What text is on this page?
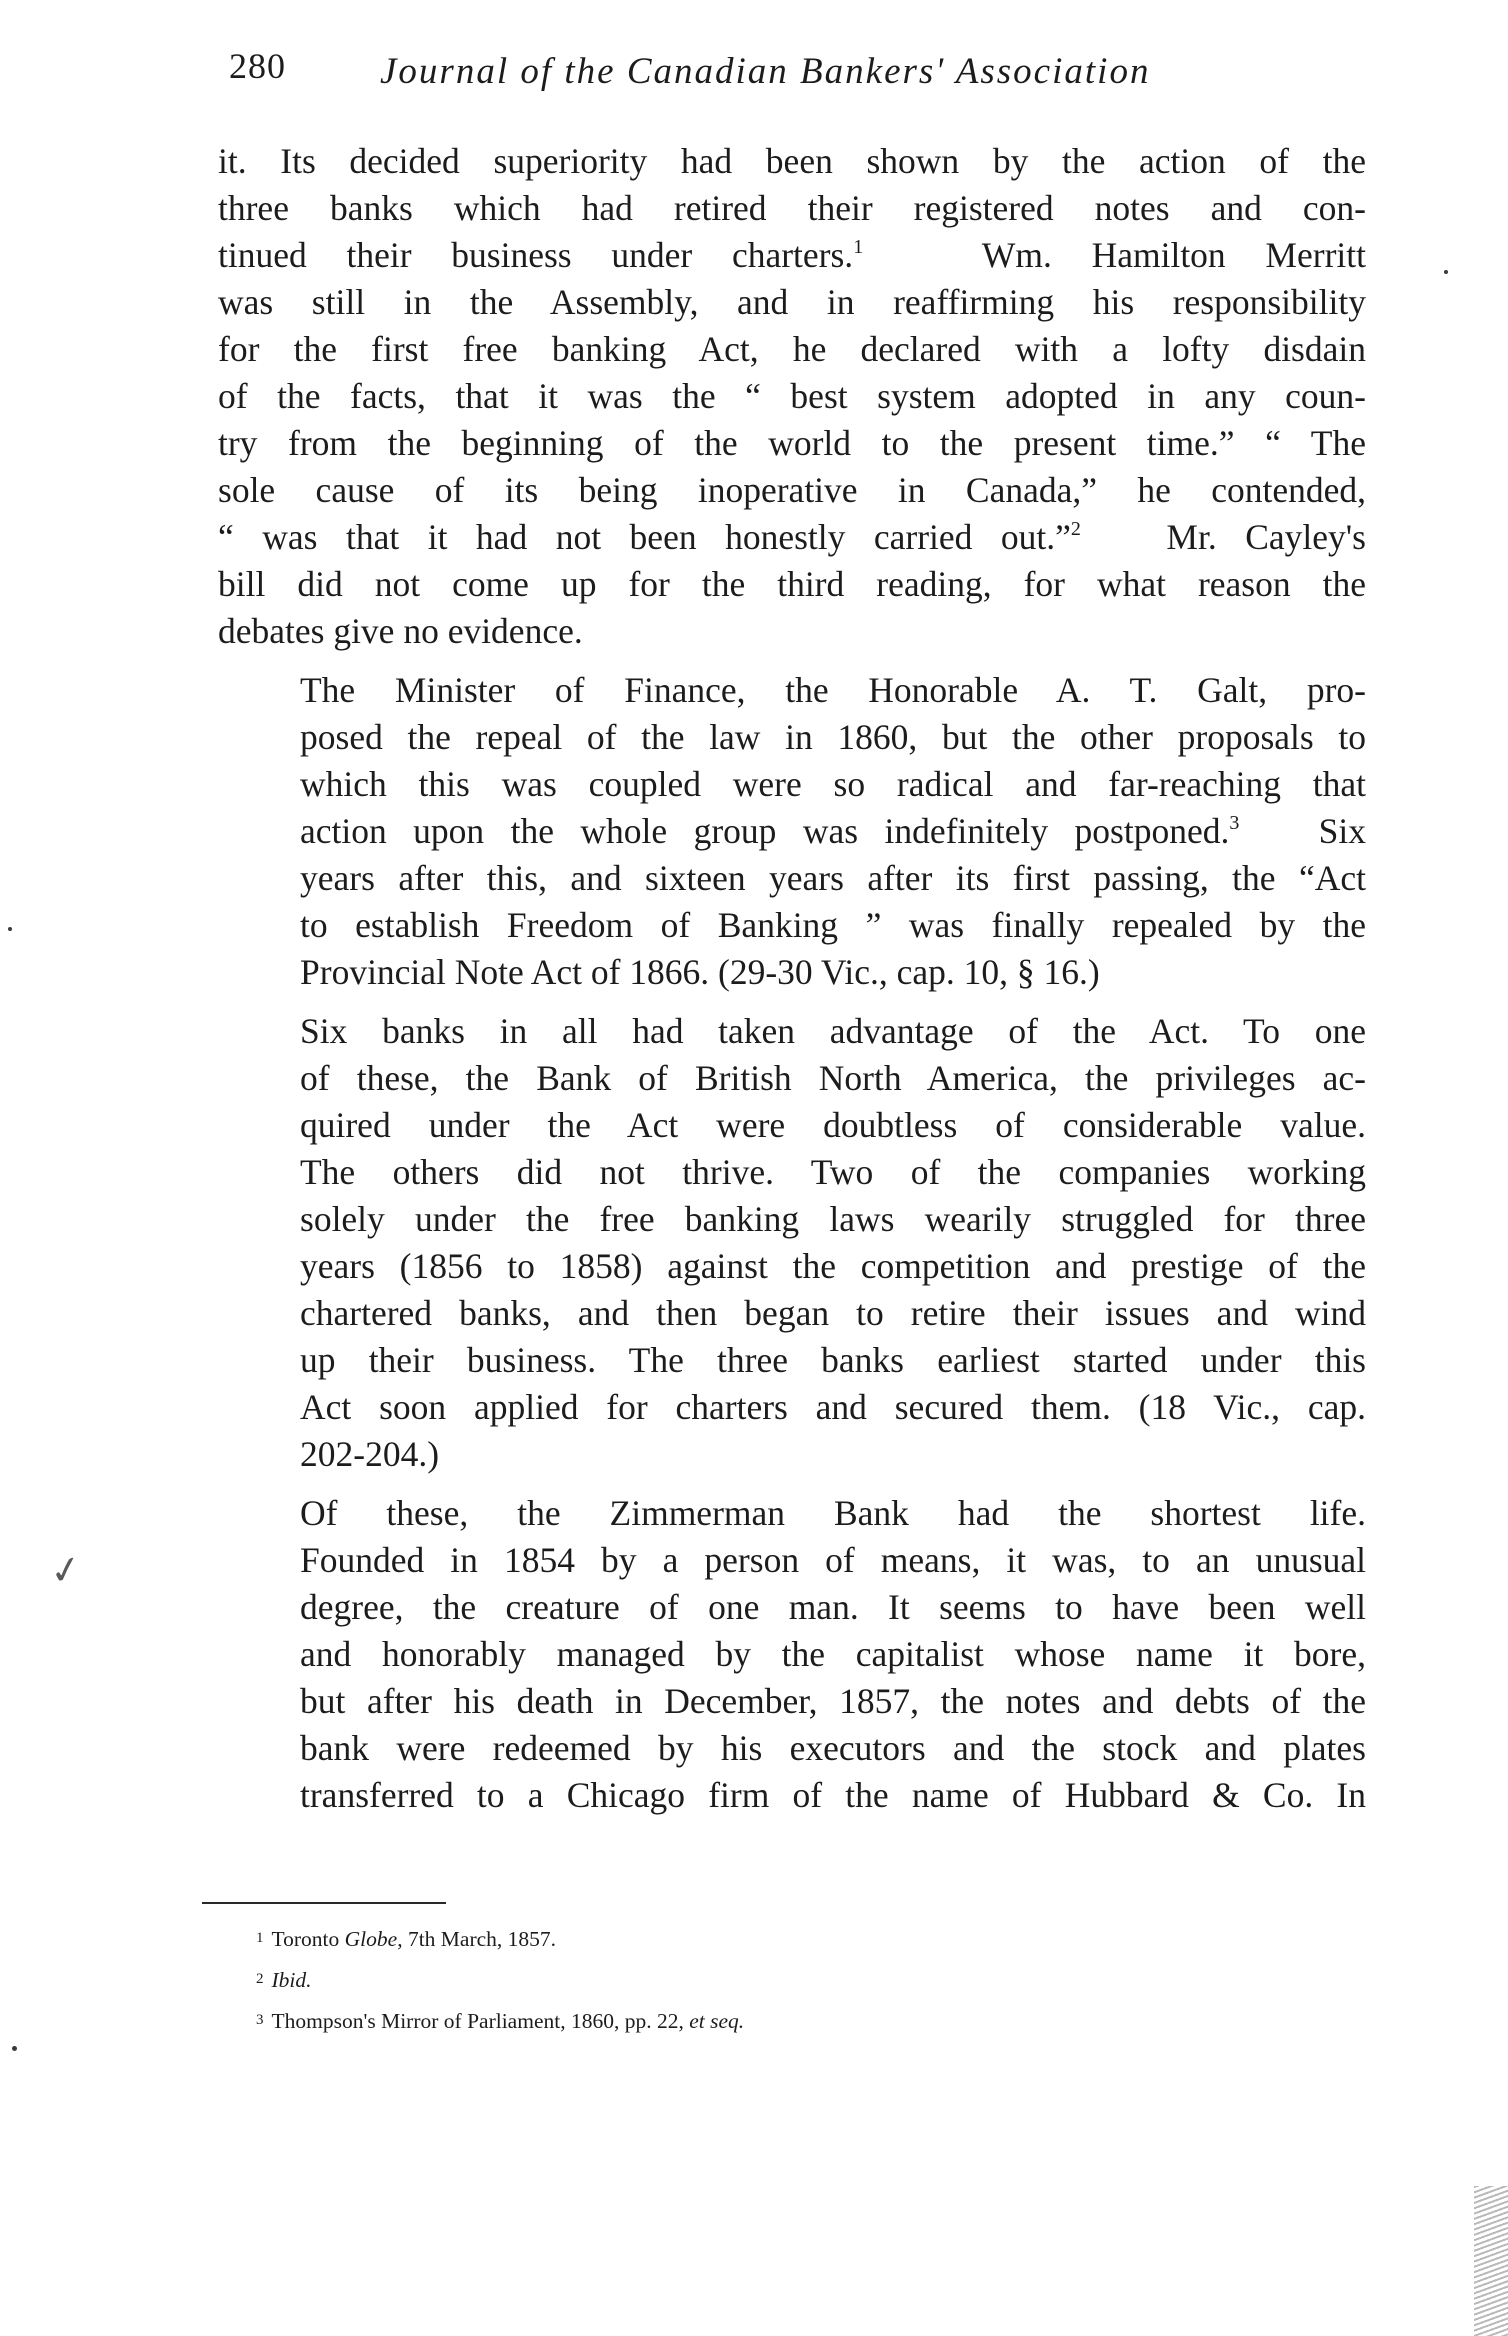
280	Journal of the Canadian Bankers' Association

it. Its decided superiority had been shown by the action of the
three banks which had retired their registered notes and con-
tinued their business under charters.$^1$	Wm. Hamilton Merritt
was still in the Assembly, and in reaffirming his responsibility
for the first free banking Act, he declared with a lofty disdain
of the facts, that it was the “ best system adopted in any coun-
try from the beginning of the world to the present time.” “ The
sole cause of its being inoperative in Canada,” he contended,
“ was that it had not been honestly carried out.”$^2$ Mr. Cayley's
bill did not come up for the third reading, for what reason the
debates give no evidence.

The Minister of Finance, the Honorable A. T. Galt, pro-
posed the repeal of the law in 1860, but the other proposals to
which this was coupled were so radical and far-reaching that
action upon the whole group was indefinitely postponed.$^3$ Six
years after this, and sixteen years after its first passing, the “Act
to establish Freedom of Banking ” was finally repealed by the
Provincial Note Act of 1866. (29-30 Vic., cap. 10, § 16.)

Six banks in all had taken advantage of the Act. To one
of these, the Bank of British North America, the privileges ac-
quired under the Act were doubtless of considerable value.
The others did not thrive. Two of the companies working
solely under the free banking laws wearily struggled for three
years (1856 to 1858) against the competition and prestige of the
chartered banks, and then began to retire their issues and wind
up their business. The three banks earliest started under this
Act soon applied for charters and secured them. (18 Vic., cap.
202-204.)

Of these, the Zimmerman Bank had the shortest life.
Founded in 1854 by a person of means, it was, to an unusual
degree, the creature of one man. It seems to have been well
and honorably managed by the capitalist whose name it bore,
but after his death in December, 1857, the notes and debts of the
bank were redeemed by his executors and the stock and plates
transferred to a Chicago firm of the name of Hubbard & Co. In

1 Toronto Globe, 7th March, 1857.

2 Ibid.

3 Thompson's Mirror of Parliament, 1860, pp. 22, et seq.

✓
